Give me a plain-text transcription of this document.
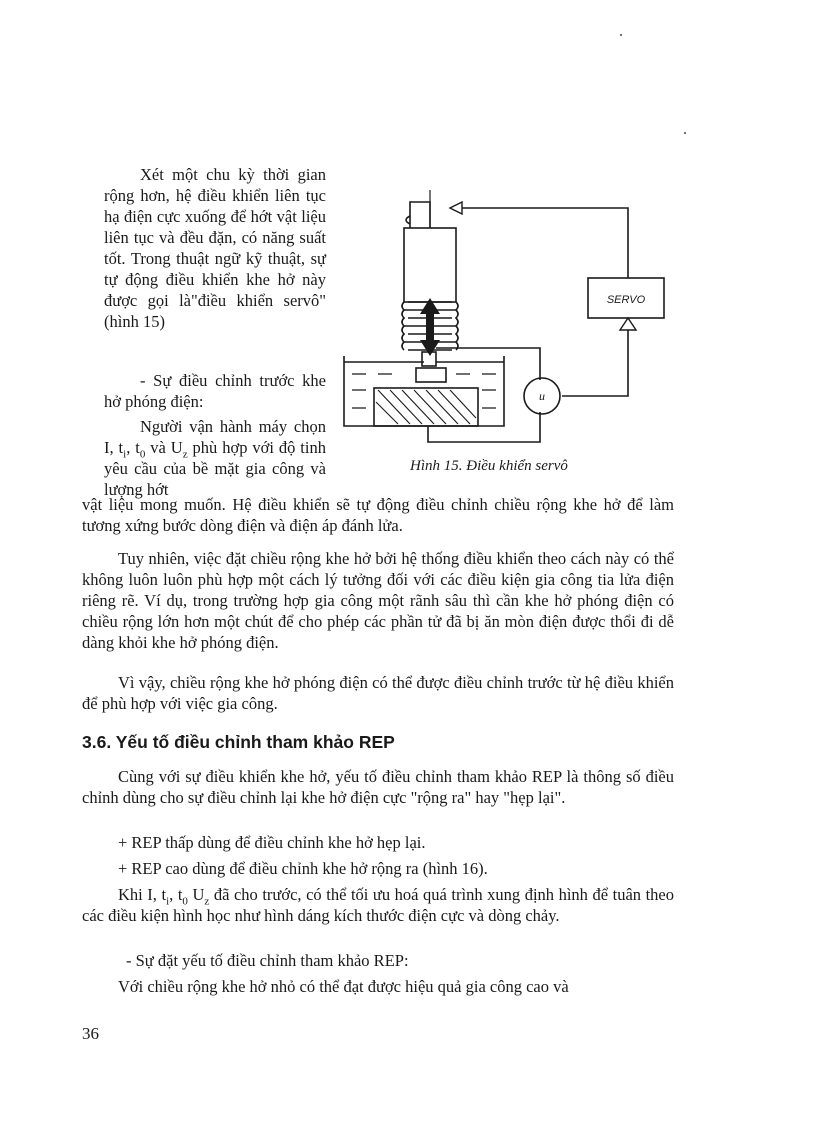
Xét một chu kỳ thời gian rộng hơn, hệ điều khiển liên tục hạ điện cực xuống để hớt vật liệu liên tục và đều đặn, có năng suất tốt. Trong thuật ngữ kỹ thuật, sự tự động điều khiển khe hở này được gọi là"điều khiển servô" (hình 15)

- Sự điều chỉnh trước khe hở phóng điện:

Người vận hành máy chọn I, $t_i$, $t_0$ và $U_z$ phù hợp với độ tinh yêu cầu của bề mặt gia công và lượng hớt

SERVO
u
Hình 15. Điều khiển servô

vật liệu mong muốn. Hệ điều khiển sẽ tự động điều chỉnh chiều rộng khe hở để làm tương xứng bước dòng điện và điện áp đánh lửa.

Tuy nhiên, việc đặt chiều rộng khe hở bởi hệ thống điều khiển theo cách này có thể không luôn luôn phù hợp một cách lý tưởng đối với các điều kiện gia công tia lửa điện riêng rẽ. Ví dụ, trong trường hợp gia công một rãnh sâu thì cần khe hở phóng điện có chiều rộng lớn hơn một chút để cho phép các phần tử đã bị ăn mòn điện được thổi đi dễ dàng khỏi khe hở phóng điện.

Vì vậy, chiều rộng khe hở phóng điện có thể được điều chỉnh trước từ hệ điều khiển để phù hợp với việc gia công.

3.6. Yếu tố điều chỉnh tham khảo REP

Cùng với sự điều khiển khe hở, yếu tố điều chỉnh tham khảo REP là thông số điều chỉnh dùng cho sự điều chỉnh lại khe hở điện cực "rộng ra" hay "hẹp lại".

+ REP thấp dùng để điều chỉnh khe hở hẹp lại.

+ REP cao dùng để điều chỉnh khe hở rộng ra (hình 16).

Khi I, $t_i$, $t_0$ $U_z$ đã cho trước, có thể tối ưu hoá quá trình xung định hình để tuân theo các điều kiện hình học như hình dáng kích thước điện cực và dòng chảy.

- Sự đặt yếu tố điều chỉnh tham khảo REP:

Với chiều rộng khe hở nhỏ có thể đạt được hiệu quả gia công cao và

36
